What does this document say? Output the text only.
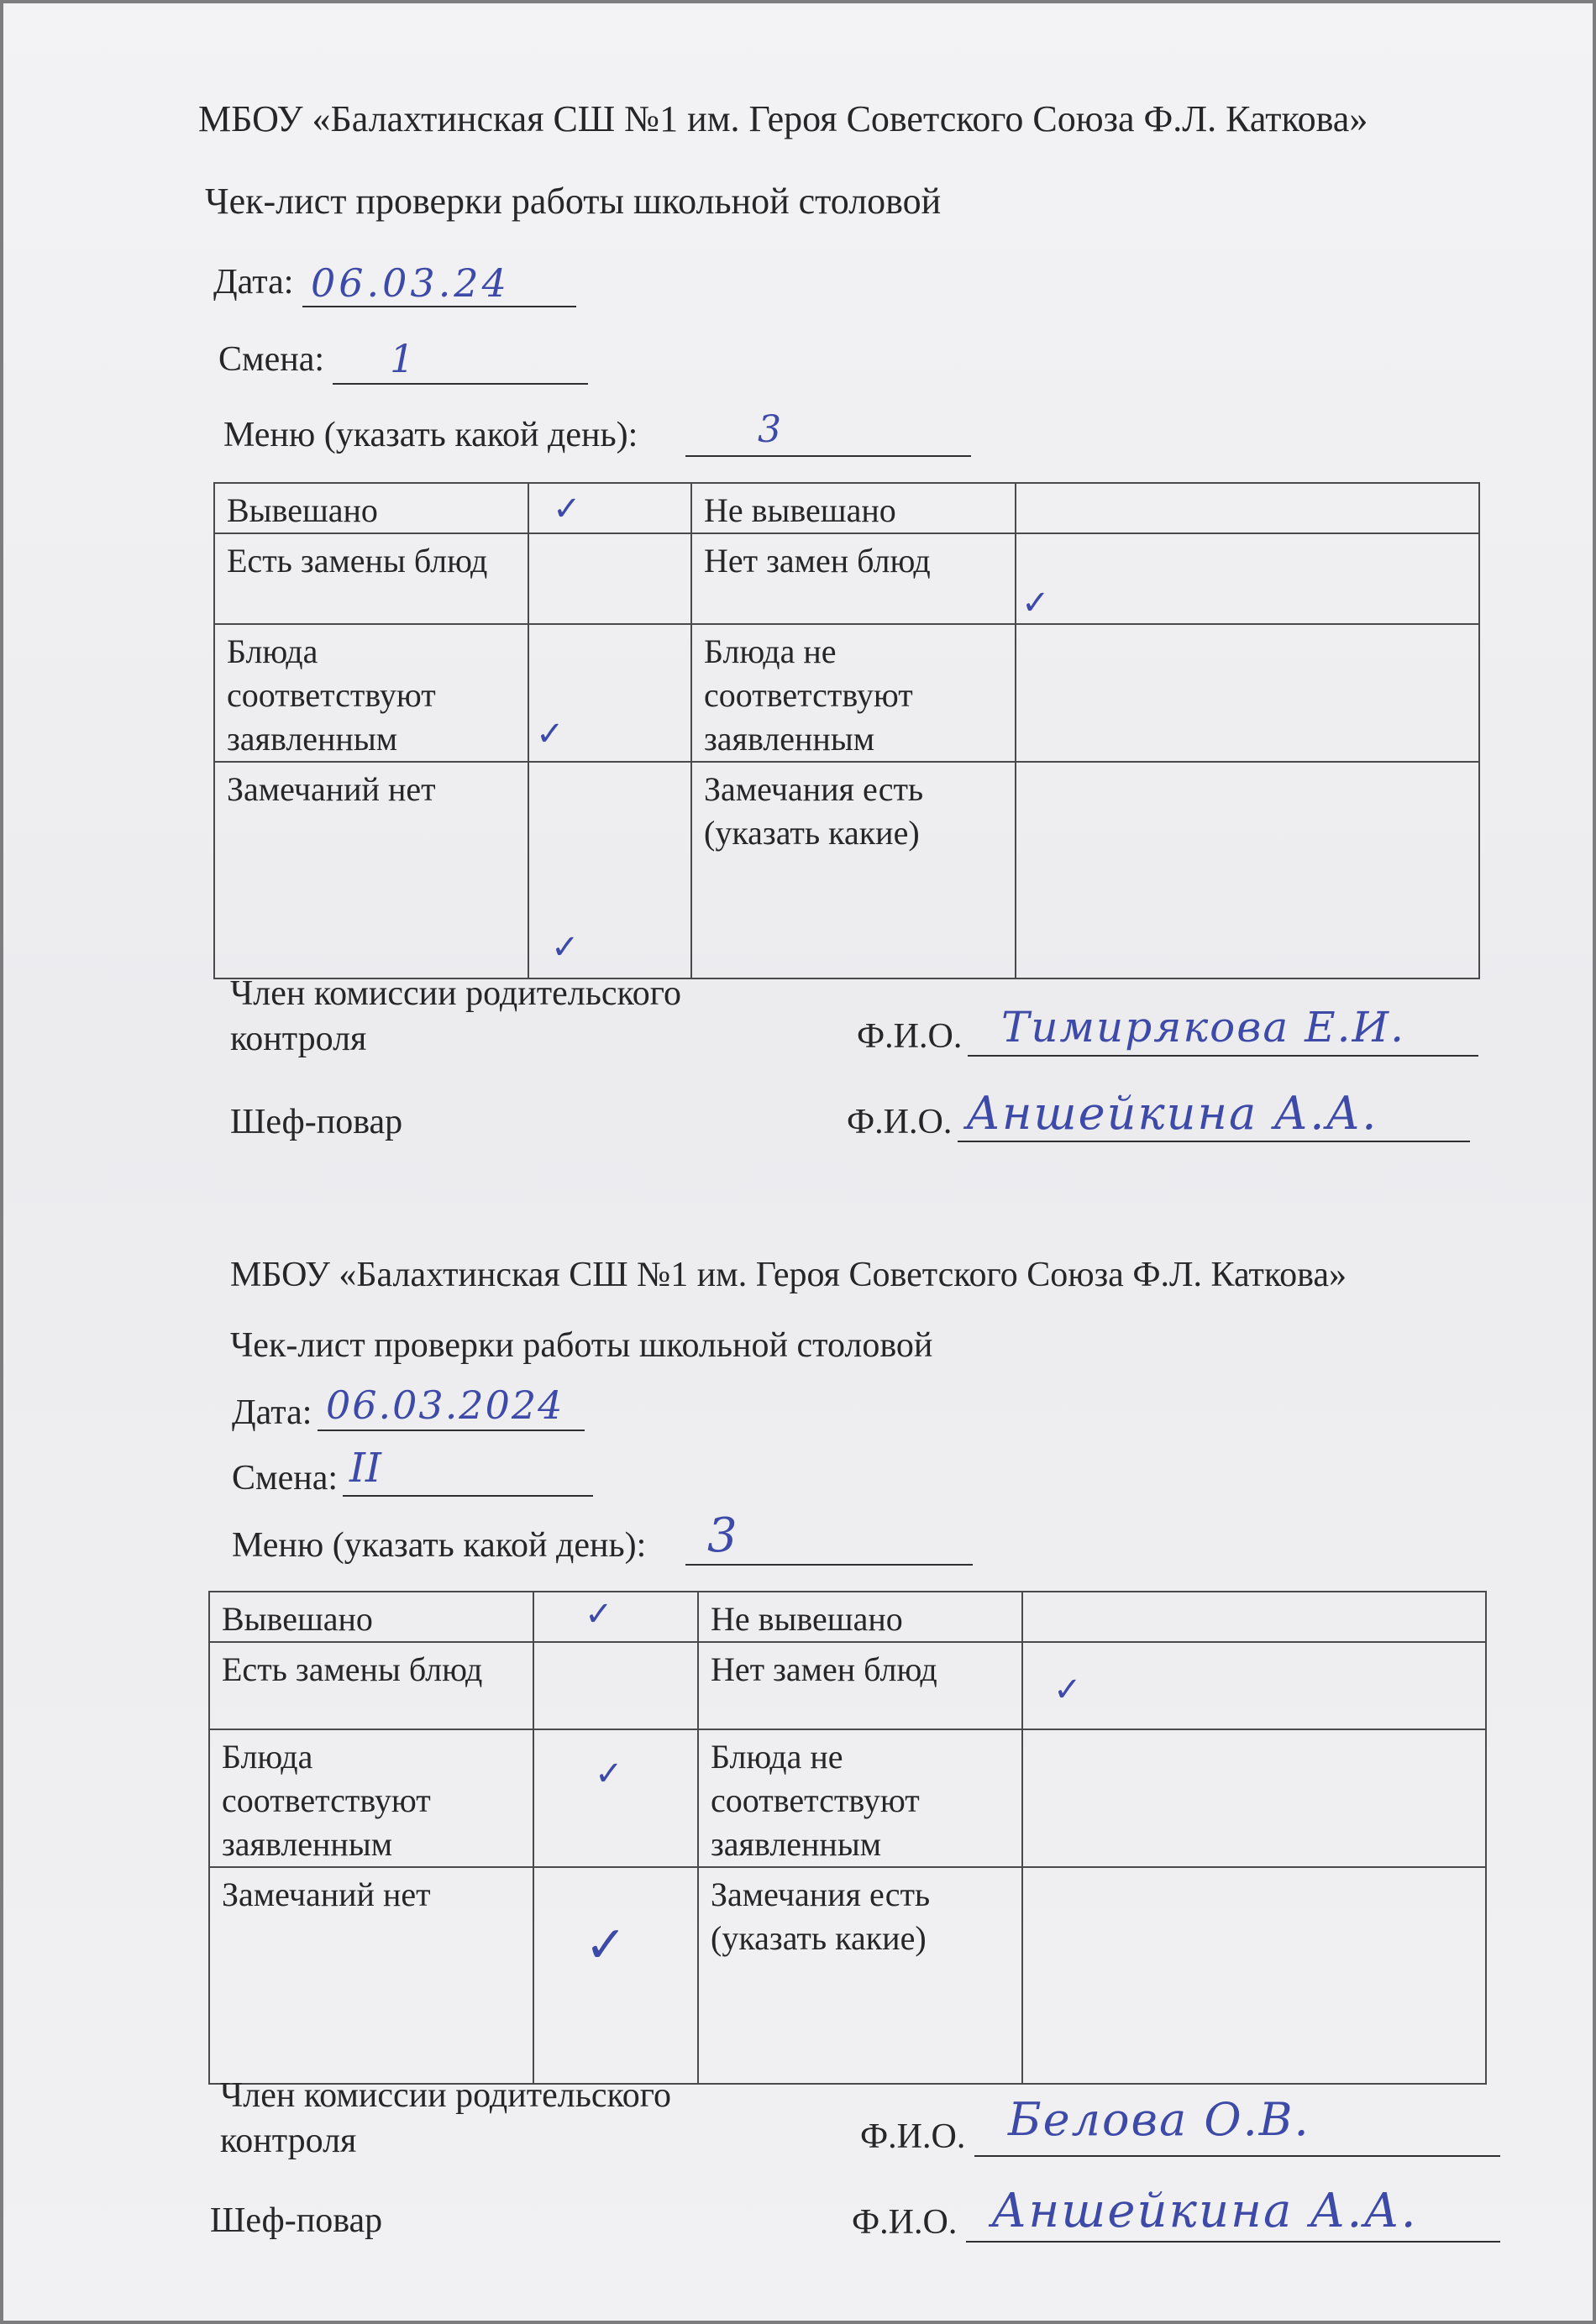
МБОУ «Балахтинская СШ №1 им. Героя Советского Союза Ф.Л. Каткова»
Чек-лист проверки работы школьной столовой
Дата: 06.03.24
Смена: 1
Меню (указать какой день):	3
Вывешано	✓	Не вывешано	

Есть замены блюд		Нет замен блюд	✓

Блюда соответствуют заявленным	✓	Блюда не соответствуют заявленным	

Замечаний нет	✓	Замечания есть (указать какие)	
Член комиссии родительского контроля	Ф.И.О. Тимирякова Е.И.
Шеф-повар	Ф.И.О. Аншейкина А.А.
МБОУ «Балахтинская СШ №1 им. Героя Советского Союза Ф.Л. Каткова»
Чек-лист проверки работы школьной столовой
Дата: 06.03.2024
Смена: II
Меню (указать какой день): 3
Вывешано	✓	Не вывешано	

Есть замены блюд		Нет замен блюд	✓

Блюда соответствуют заявленным	✓	Блюда не соответствуют заявленным	

Замечаний нет	✓	Замечания есть (указать какие)	
Член комиссии родительского контроля	Ф.И.О. Белова О.В.
Шеф-повар	Ф.И.О. Аншейкина А.А.
